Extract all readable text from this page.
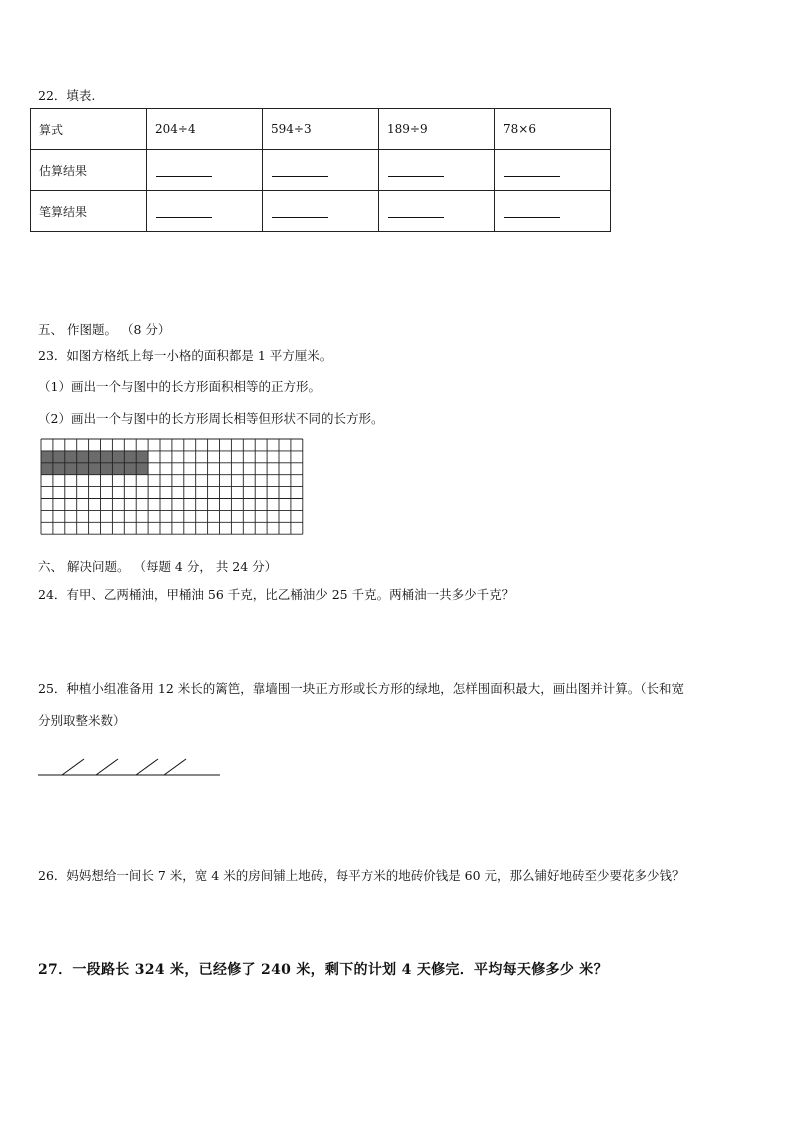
22．填表.
算式	204÷4	594÷3	189÷9	78×6
估算结果				
笔算结果				
五、 作图题。 （8 分）
23．如图方格纸上每一小格的面积都是 1 平方厘米。
（1）画出一个与图中的长方形面积相等的正方形。
（2）画出一个与图中的长方形周长相等但形状不同的长方形。
六、 解决问题。 （每题 4 分， 共 24 分）
24．有甲、乙两桶油，甲桶油 56 千克，比乙桶油少 25 千克。两桶油一共多少千克？
25．种植小组准备用 12 米长的篱笆，靠墙围一块正方形或长方形的绿地，怎样围面积最大，画出图并计算。（长和宽
分别取整米数）
26．妈妈想给一间长 7 米，宽 4 米的房间铺上地砖，每平方米的地砖价钱是 60 元，那么铺好地砖至少要花多少钱？
27．一段路长 324 米，已经修了 240 米，剩下的计划 4 天修完．平均每天修多少 米？
